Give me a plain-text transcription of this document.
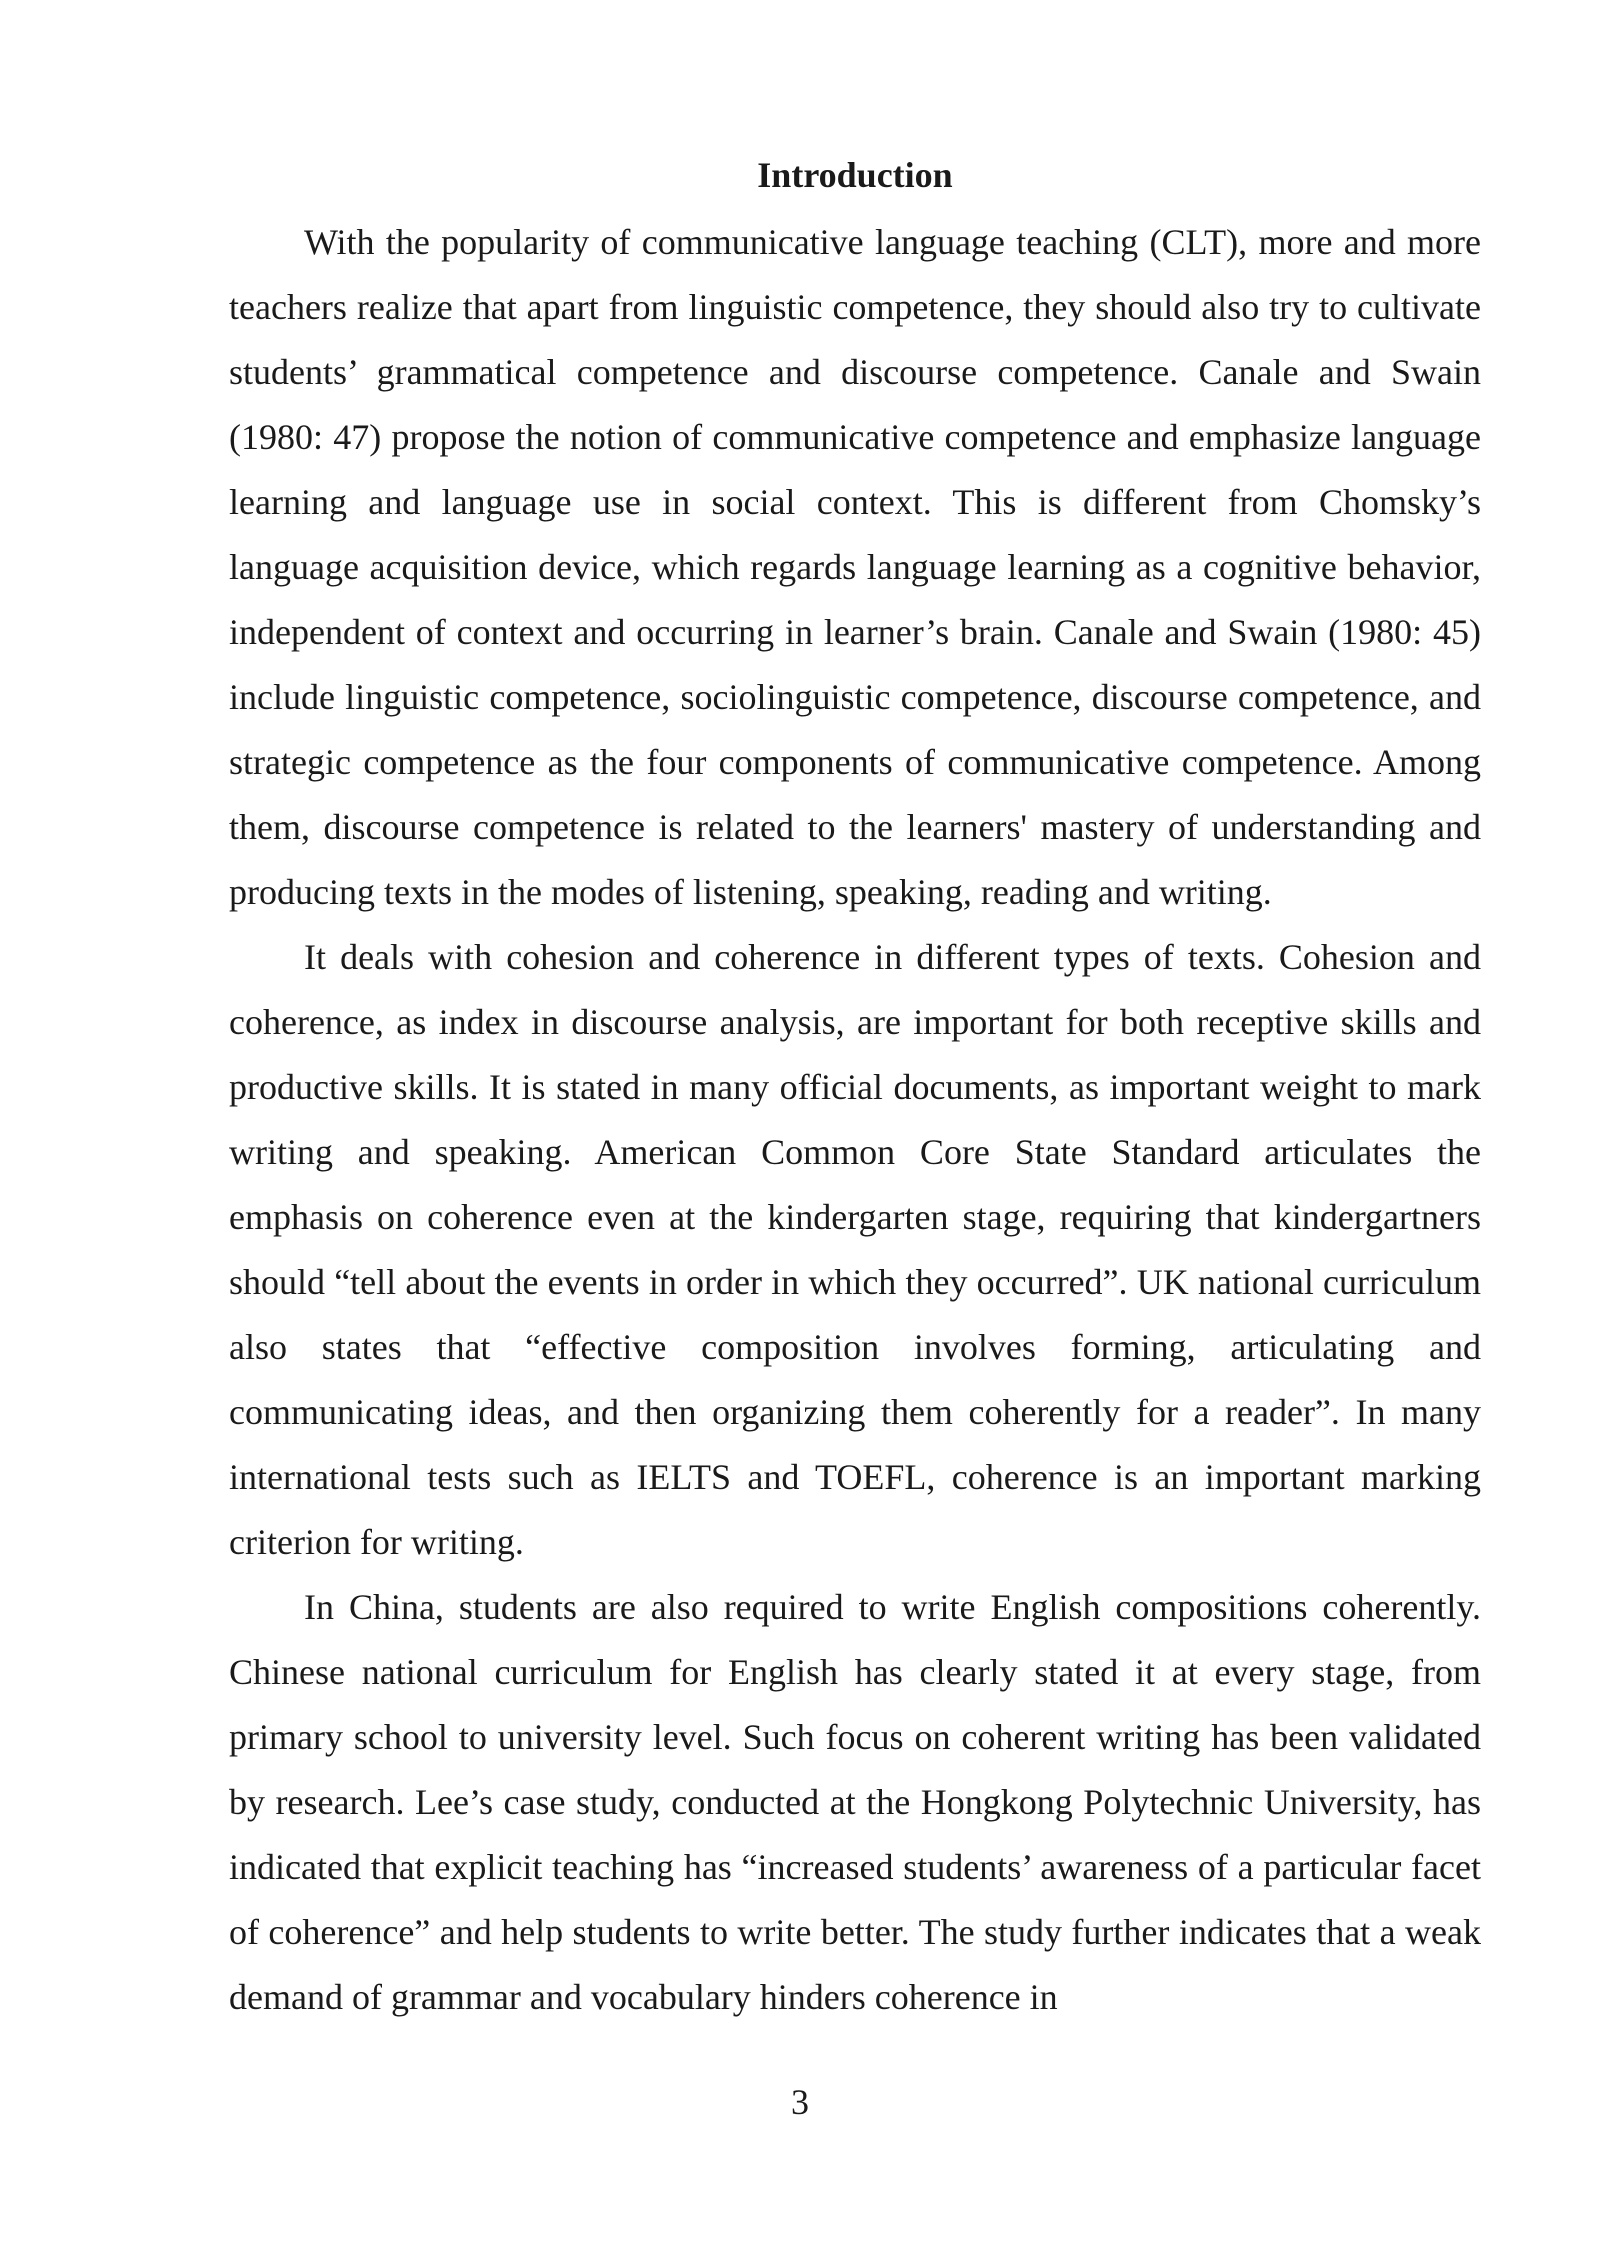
Introduction

With the popularity of communicative language teaching (CLT), more and more teachers realize that apart from linguistic competence, they should also try to cultivate students’ grammatical competence and discourse competence. Canale and Swain (1980: 47) propose the notion of communicative competence and emphasize language learning and language use in social context. This is different from Chomsky’s language acquisition device, which regards language learning as a cognitive behavior, independent of context and occurring in learner’s brain. Canale and Swain (1980: 45) include linguistic competence, sociolinguistic competence, discourse competence, and strategic competence as the four components of communicative competence. Among them, discourse competence is related to the learners' mastery of understanding and producing texts in the modes of listening, speaking, reading and writing.

It deals with cohesion and coherence in different types of texts. Cohesion and coherence, as index in discourse analysis, are important for both receptive skills and productive skills. It is stated in many official documents, as important weight to mark writing and speaking. American Common Core State Standard articulates the emphasis on coherence even at the kindergarten stage, requiring that kindergartners should “tell about the events in order in which they occurred”. UK national curriculum also states that “effective composition involves forming, articulating and communicating ideas, and then organizing them coherently for a reader”. In many international tests such as IELTS and TOEFL, coherence is an important marking criterion for writing.

In China, students are also required to write English compositions coherently. Chinese national curriculum for English has clearly stated it at every stage, from primary school to university level. Such focus on coherent writing has been validated by research. Lee’s case study, conducted at the Hongkong Polytechnic University, has indicated that explicit teaching has “increased students’ awareness of a particular facet of coherence” and help students to write better. The study further indicates that a weak demand of grammar and vocabulary hinders coherence in

3
